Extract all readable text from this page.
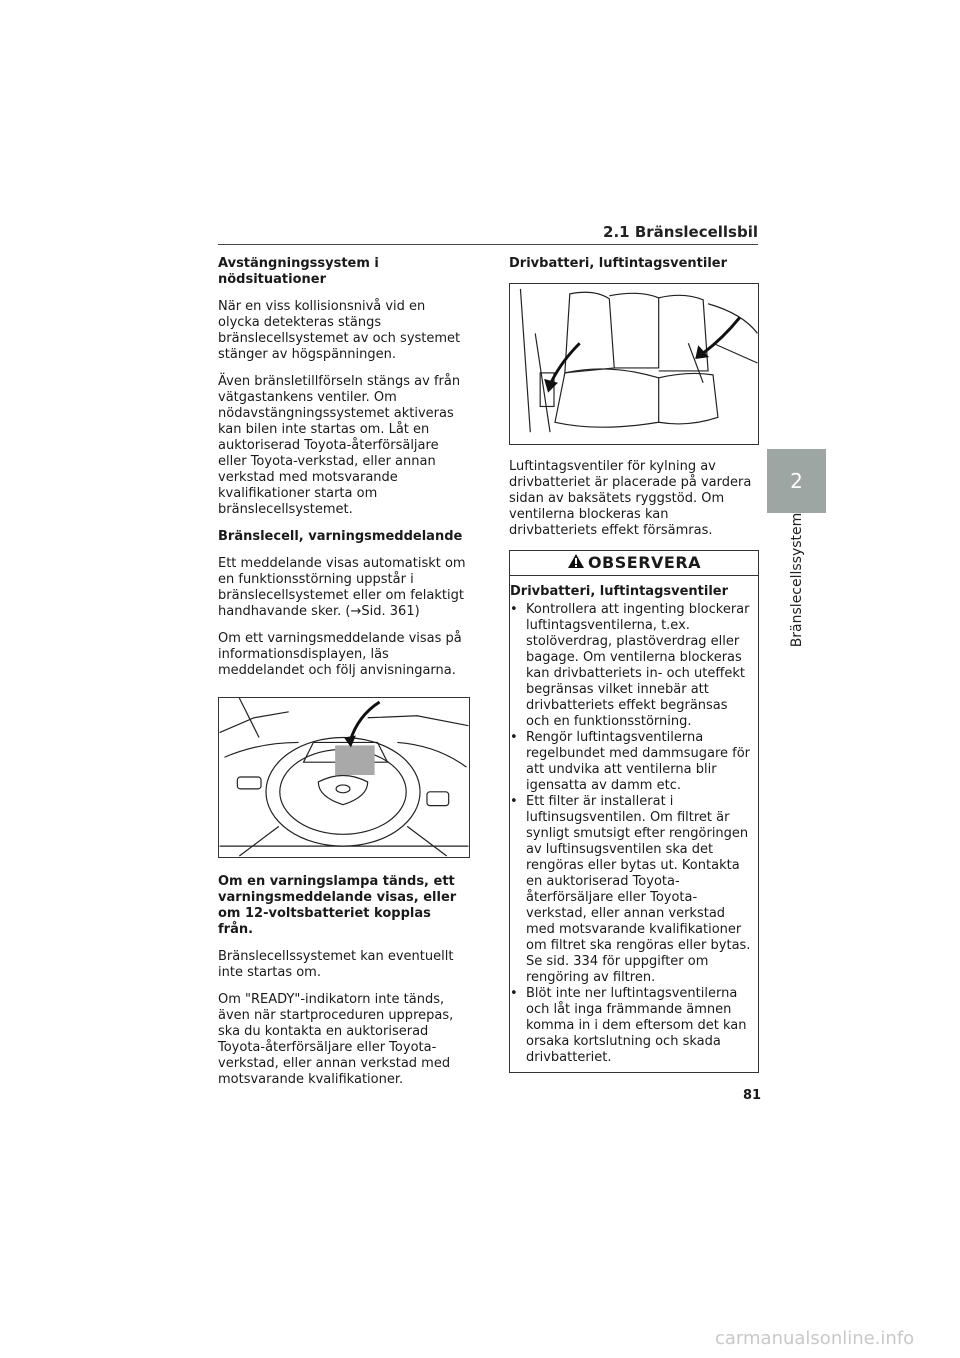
2.1 Bränslecellsbil
2
Bränslecellssystem
Avstängningssystem i nödsituationer

När en viss kollisionsnivå vid en olycka detekteras stängs bränslecellsystemet av och systemet stänger av högspänningen.

Även bränsletillförseln stängs av från vätgastankens ventiler. Om nödavstängningssystemet aktiveras kan bilen inte startas om. Låt en auktoriserad Toyota-återförsäljare eller Toyota-verkstad, eller annan verkstad med motsvarande kvalifikationer starta om bränslecellsystemet.

Bränslecell, varningsmeddelande

Ett meddelande visas automatiskt om en funktionsstörning uppstår i bränslecellsystemet eller om felaktigt handhavande sker. (→Sid. 361)

Om ett varningsmeddelande visas på informationsdisplayen, läs meddelandet och följ anvisningarna.

Om en varningslampa tänds, ett varningsmeddelande visas, eller om 12-voltsbatteriet kopplas från.

Bränslecellssystemet kan eventuellt inte startas om.

Om "READY"-indikatorn inte tänds, även när startproceduren upprepas, ska du kontakta en auktoriserad Toyota-återförsäljare eller Toyota-verkstad, eller annan verkstad med motsvarande kvalifikationer.

Drivbatteri, luftintagsventiler

Luftintagsventiler för kylning av drivbatteriet är placerade på vardera sidan av baksätets ryggstöd. Om ventilerna blockeras kan drivbatteriets effekt försämras.

OBSERVERA
Drivbatteri, luftintagsventiler
• Kontrollera att ingenting blockerar luftintagsventilerna, t.ex. stolöverdrag, plastöverdrag eller bagage. Om ventilerna blockeras kan drivbatteriets in- och uteffekt begränsas vilket innebär att drivbatteriets effekt begränsas och en funktionsstörning.
• Rengör luftintagsventilerna regelbundet med dammsugare för att undvika att ventilerna blir igensatta av damm etc.
• Ett filter är installerat i luftinsugsventilen. Om filtret är synligt smutsigt efter rengöringen av luftinsugsventilen ska det rengöras eller bytas ut. Kontakta en auktoriserad Toyota-återförsäljare eller Toyota-verkstad, eller annan verkstad med motsvarande kvalifikationer om filtret ska rengöras eller bytas. Se sid. 334 för uppgifter om rengöring av filtren.
• Blöt inte ner luftintagsventilerna och låt inga främmande ämnen komma in i dem eftersom det kan orsaka kortslutning och skada drivbatteriet.
81
carmanualsonline.info
